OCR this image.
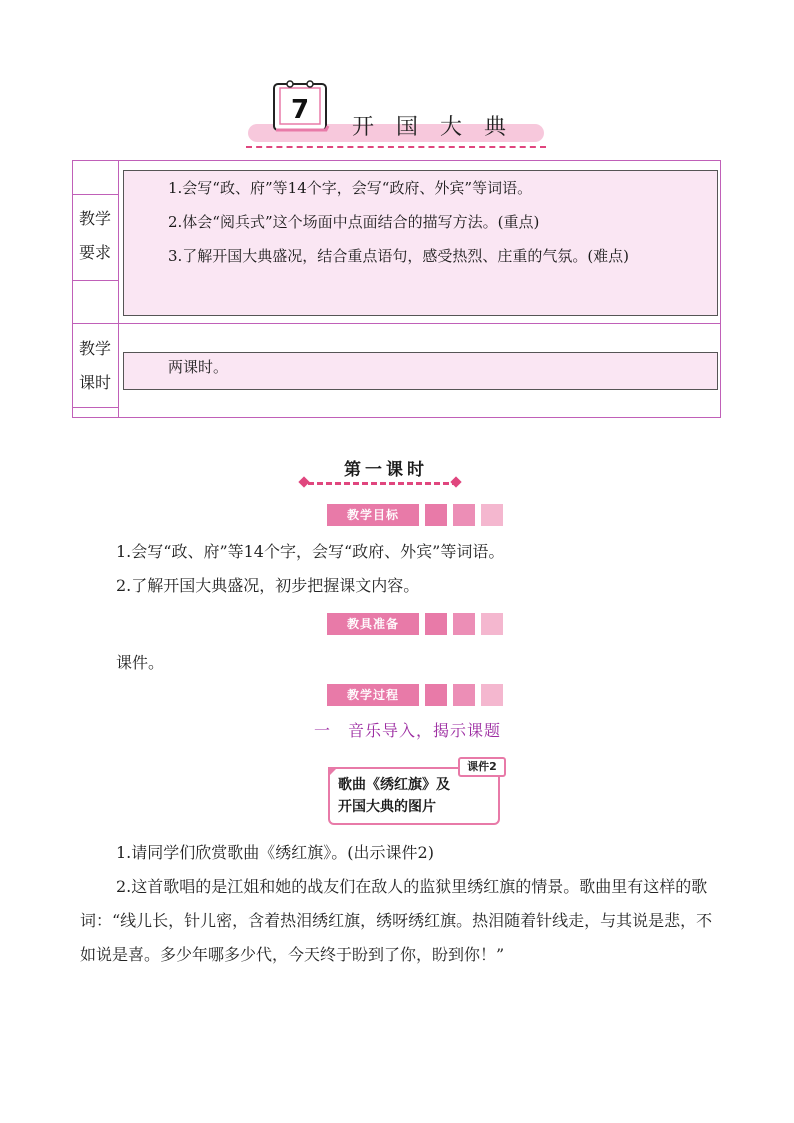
7
开国大典
教学
要求

1.会写“政、府”等14个字，会写“政府、外宾”等词语。

2.体会“阅兵式”这个场面中点面结合的描写方法。(重点)

3.了解开国大典盛况，结合重点语句，感受热烈、庄重的气氛。(难点)

教学
课时

两课时。

第一课时
教学目标
1.会写“政、府”等14个字，会写“政府、外宾”等词语。
2.了解开国大典盛况，初步把握课文内容。
教具准备
课件。
教学过程
一　音乐导入，揭示课题
课件2
歌曲《绣红旗》及
开国大典的图片
1.请同学们欣赏歌曲《绣红旗》。(出示课件2)
2.这首歌唱的是江姐和她的战友们在敌人的监狱里绣红旗的情景。歌曲里有这样的歌词：“线儿长，针儿密，含着热泪绣红旗，绣呀绣红旗。热泪随着针线走，与其说是悲，不如说是喜。多少年哪多少代，今天终于盼到了你，盼到你！”
